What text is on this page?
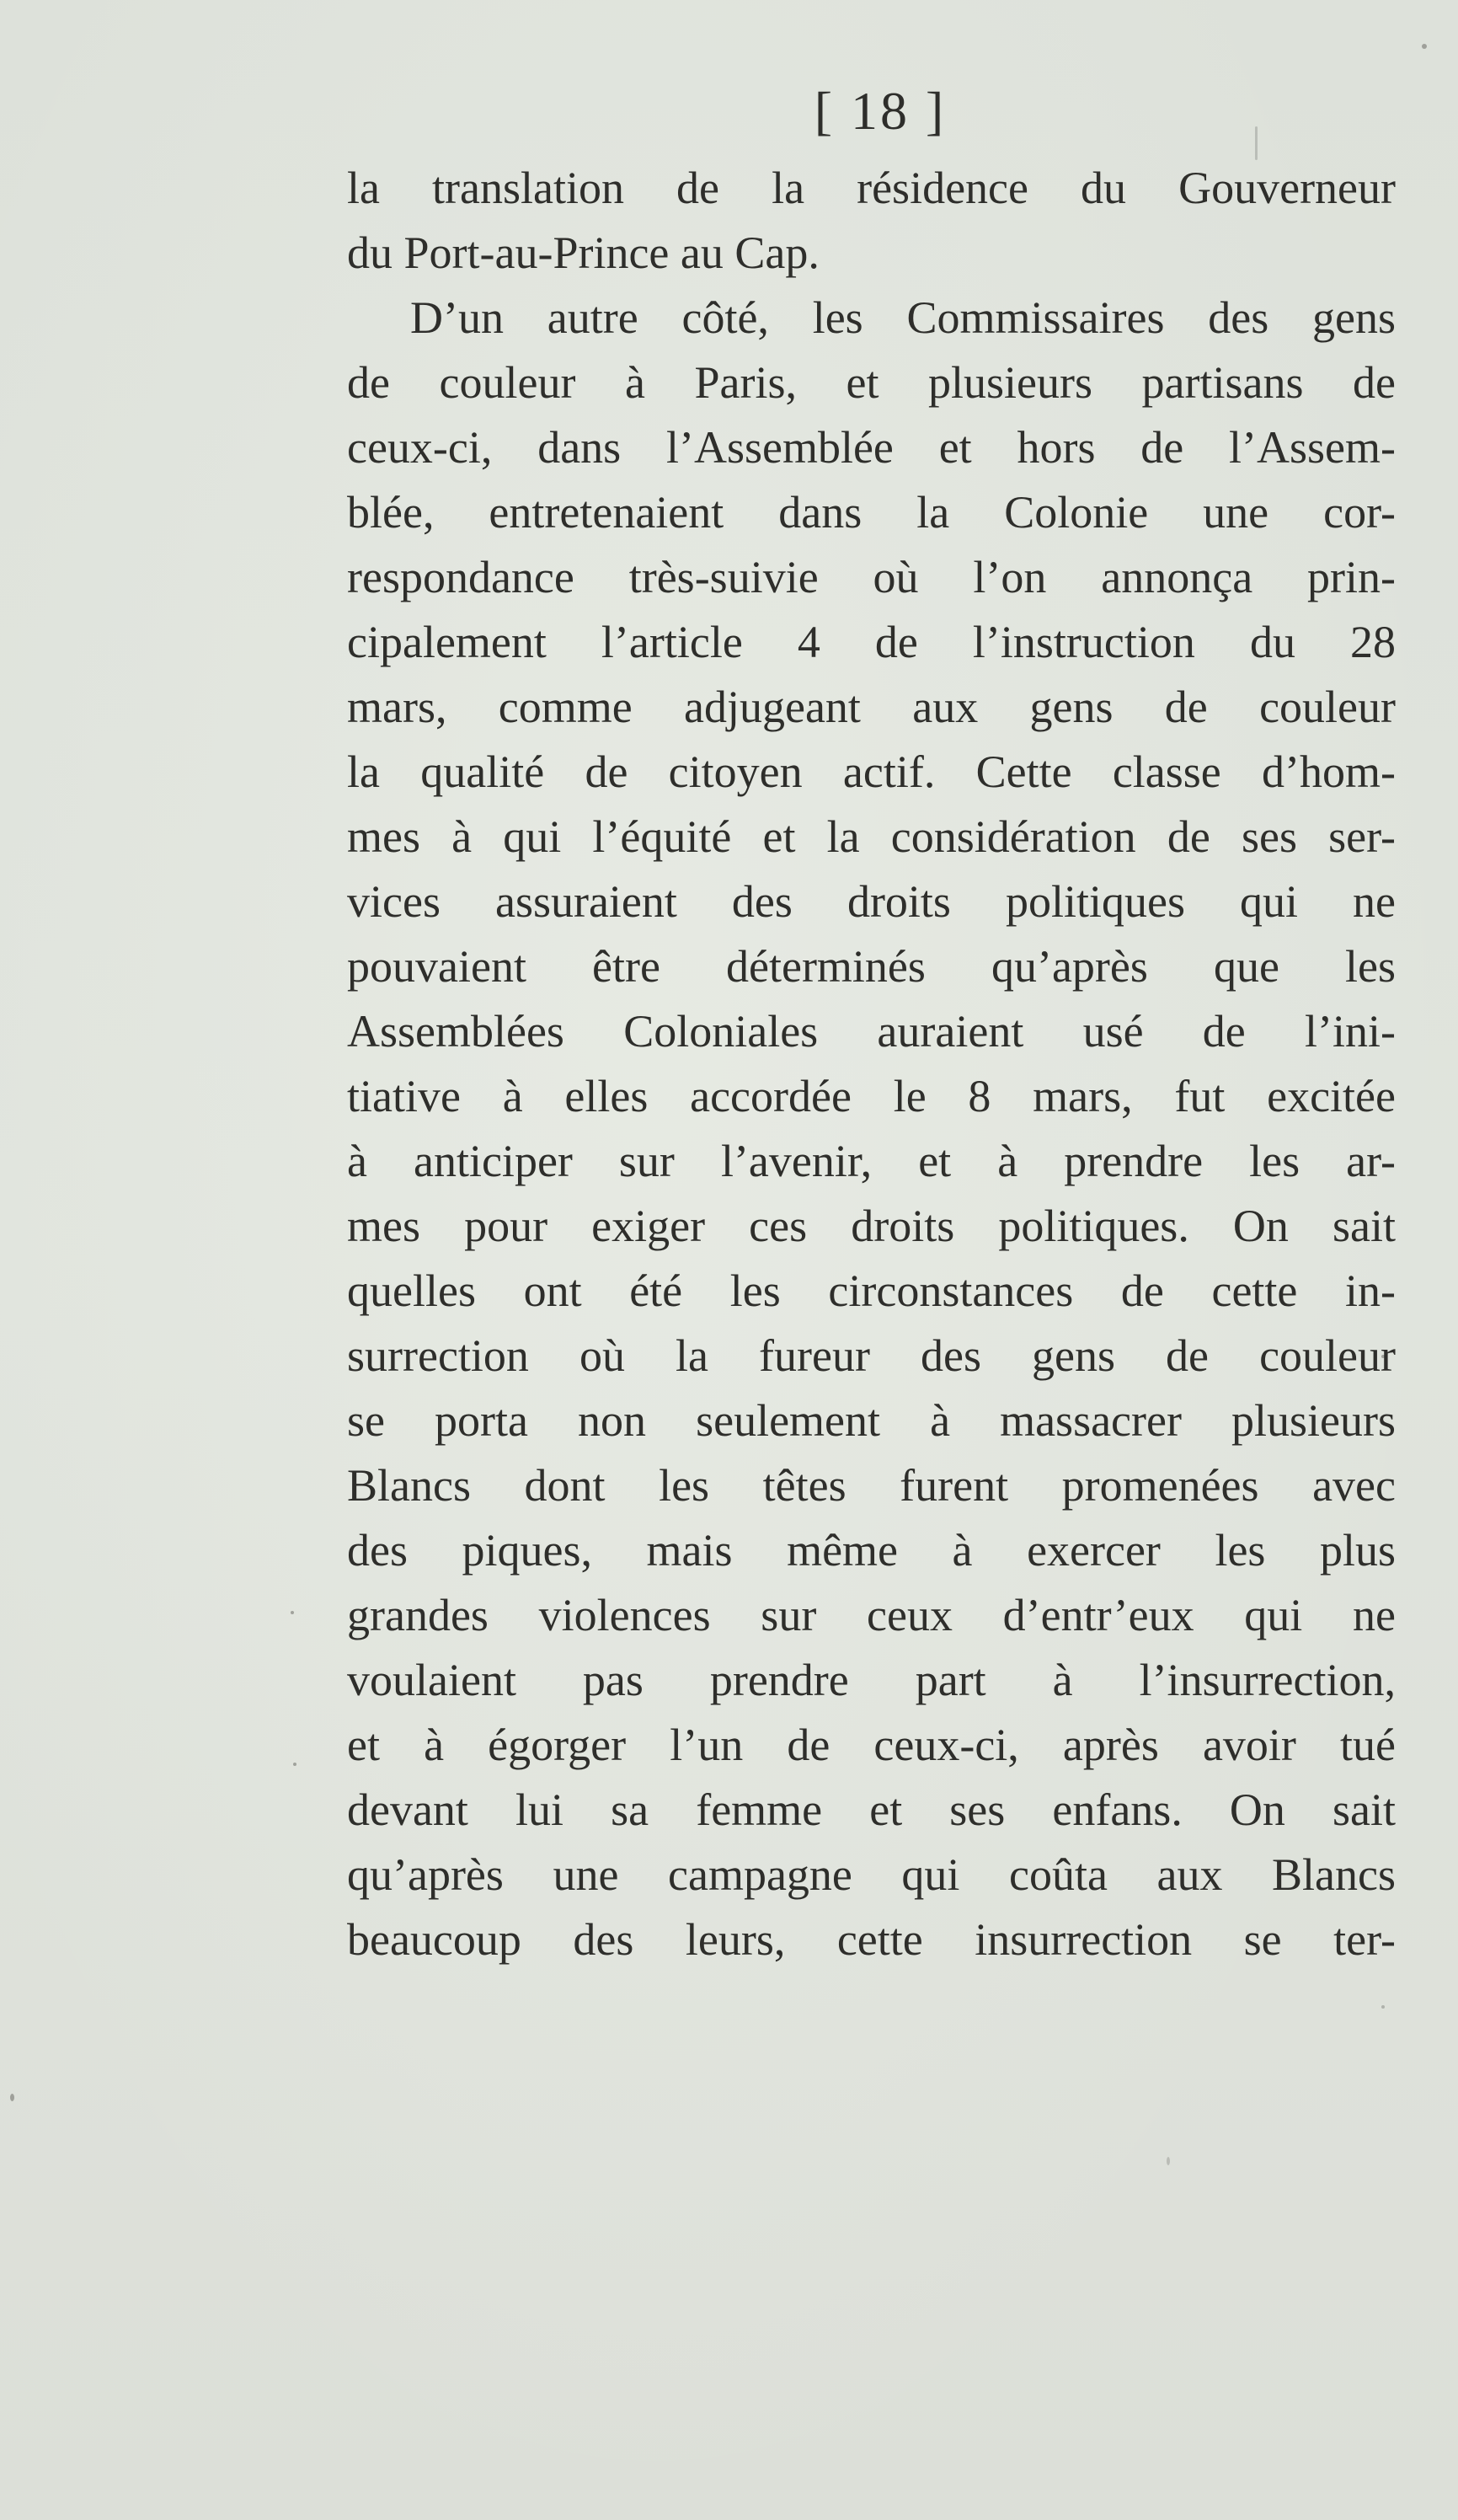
[ 18 ]
la translation de la résidence du Gouverneur
du Port-au-Prince au Cap.
D’un autre côté, les Commissaires des gens
de couleur à Paris, et plusieurs partisans de
ceux-ci, dans l’Assemblée et hors de l’Assem-
blée, entretenaient dans la Colonie une cor-
respondance très-suivie où l’on annonça prin-
cipalement l’article 4 de l’instruction du 28
mars, comme adjugeant aux gens de couleur
la qualité de citoyen actif. Cette classe d’hom-
mes à qui l’équité et la considération de ses ser-
vices assuraient des droits politiques qui ne
pouvaient être déterminés qu’après que les
Assemblées Coloniales auraient usé de l’ini-
tiative à elles accordée le 8 mars, fut excitée
à anticiper sur l’avenir, et à prendre les ar-
mes pour exiger ces droits politiques. On sait
quelles ont été les circonstances de cette in-
surrection où la fureur des gens de couleur
se porta non seulement à massacrer plusieurs
Blancs dont les têtes furent promenées avec
des piques, mais même à exercer les plus
grandes violences sur ceux d’entr’eux qui ne
voulaient pas prendre part à l’insurrection,
et à égorger l’un de ceux-ci, après avoir tué
devant lui sa femme et ses enfans. On sait
qu’après une campagne qui coûta aux Blancs
beaucoup des leurs, cette insurrection se ter-
